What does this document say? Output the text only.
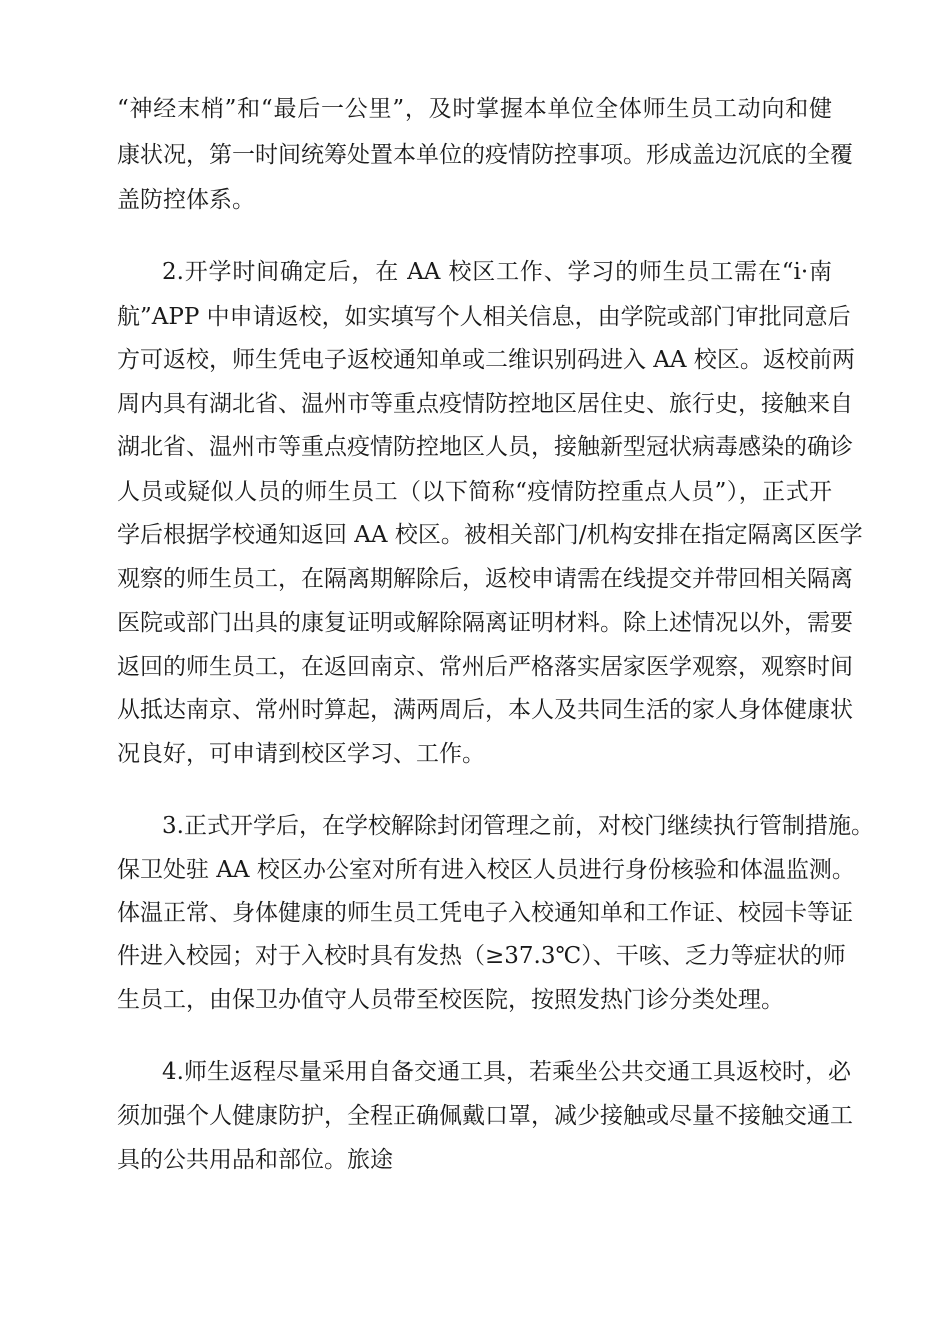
“神经末梢”和“最后一公里”，及时掌握本单位全体师生员工动向和健
康状况，第一时间统筹处置本单位的疫情防控事项。形成盖边沉底的全覆
盖防控体系。
2.开学时间确定后，在 AA 校区工作、学习的师生员工需在“i·南
航”APP 中申请返校，如实填写个人相关信息，由学院或部门审批同意后
方可返校，师生凭电子返校通知单或二维识别码进入 AA 校区。返校前两
周内具有湖北省、温州市等重点疫情防控地区居住史、旅行史，接触来自
湖北省、温州市等重点疫情防控地区人员，接触新型冠状病毒感染的确诊
人员或疑似人员的师生员工（以下简称“疫情防控重点人员”），正式开
学后根据学校通知返回 AA 校区。被相关部门/机构安排在指定隔离区医学
观察的师生员工，在隔离期解除后，返校申请需在线提交并带回相关隔离
医院或部门出具的康复证明或解除隔离证明材料。除上述情况以外，需要
返回的师生员工，在返回南京、常州后严格落实居家医学观察，观察时间
从抵达南京、常州时算起，满两周后，本人及共同生活的家人身体健康状
况良好，可申请到校区学习、工作。
3.正式开学后，在学校解除封闭管理之前，对校门继续执行管制措施。
保卫处驻 AA 校区办公室对所有进入校区人员进行身份核验和体温监测。
体温正常、身体健康的师生员工凭电子入校通知单和工作证、校园卡等证
件进入校园；对于入校时具有发热（≥37.3℃）、干咳、乏力等症状的师
生员工，由保卫办值守人员带至校医院，按照发热门诊分类处理。
4.师生返程尽量采用自备交通工具，若乘坐公共交通工具返校时，必
须加强个人健康防护，全程正确佩戴口罩，减少接触或尽量不接触交通工
具的公共用品和部位。旅途
